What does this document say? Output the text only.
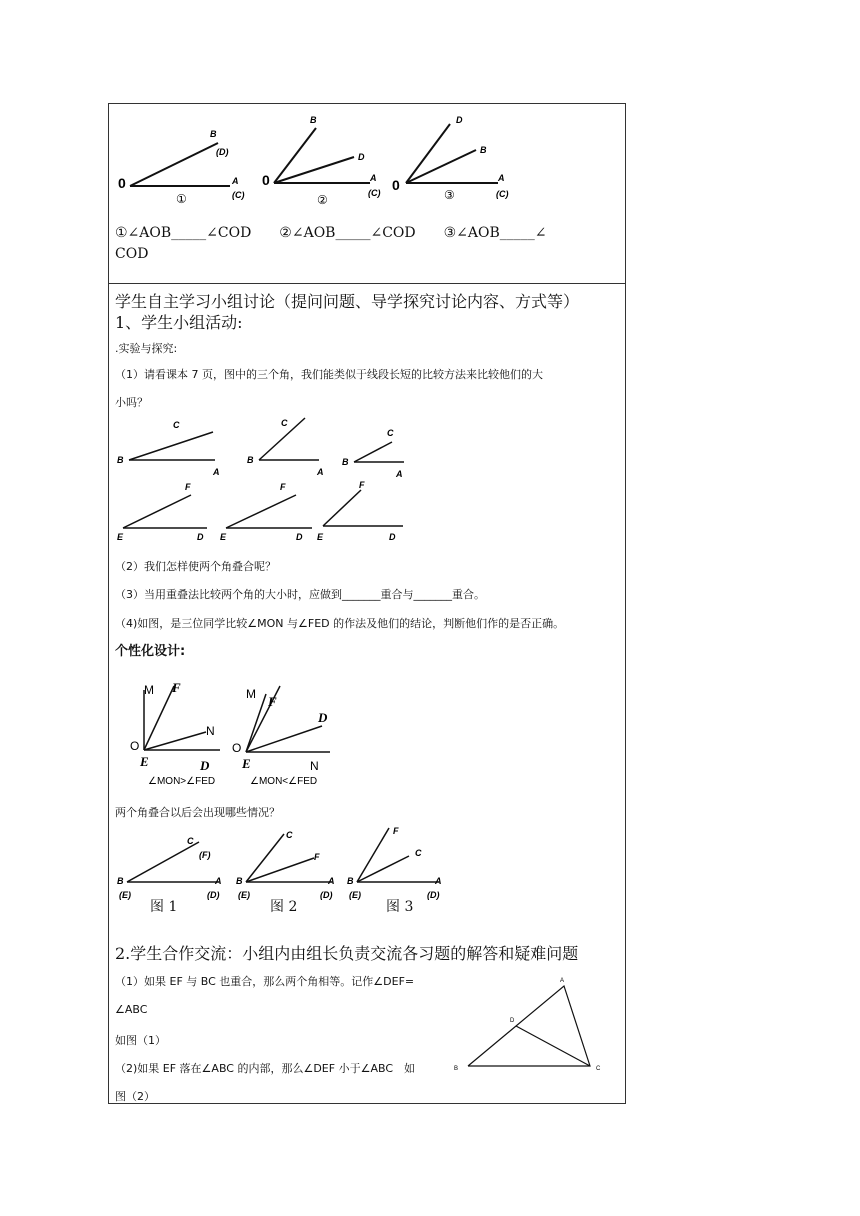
0	A
(C)
B
(D)
①
0	A
(C)
B
D
②
0	A
(C)
D
B
③
①∠AOB_____∠COD　　②∠AOB_____∠COD　　③∠AOB_____∠
COD
学生自主学习小组讨论（提问问题、导学探究讨论内容、方式等）
1、学生小组活动:
.实验与探究:
（1）请看课本 7 页，图中的三个角，我们能类似于线段长短的比较方法来比较他们的大
小吗？
B
A
C
B
A
C
B
A
C
E	D
F
E	D
F
E	D
F
（2）我们怎样使两个角叠合呢？
（3）当用重叠法比较两个角的大小时，应做到_______重合与_______重合。
（4)如图，是三位同学比较∠MON 与∠FED 的作法及他们的结论，判断他们作的是否正确。
个性化设计:
M F
N
O
E	D
∠MON>∠FED
M F
D
O
E	N
∠MON<∠FED
两个角叠合以后会出现哪些情况？
B
(E)
A
(D)
C
(F)
图 1
B
(E)
A
(D)
C
F
图 2
B
(E)
A
(D)
F
C
图 3
2.学生合作交流：小组内由组长负责交流各习题的解答和疑难问题
（1）如果 EF 与 BC 也重合，那么两个角相等。记作∠DEF=
∠ABC
如图（1）
（2)如果 EF 落在∠ABC 的内部，那么∠DEF 小于∠ABC　如
图（2）
A
B	C
D
